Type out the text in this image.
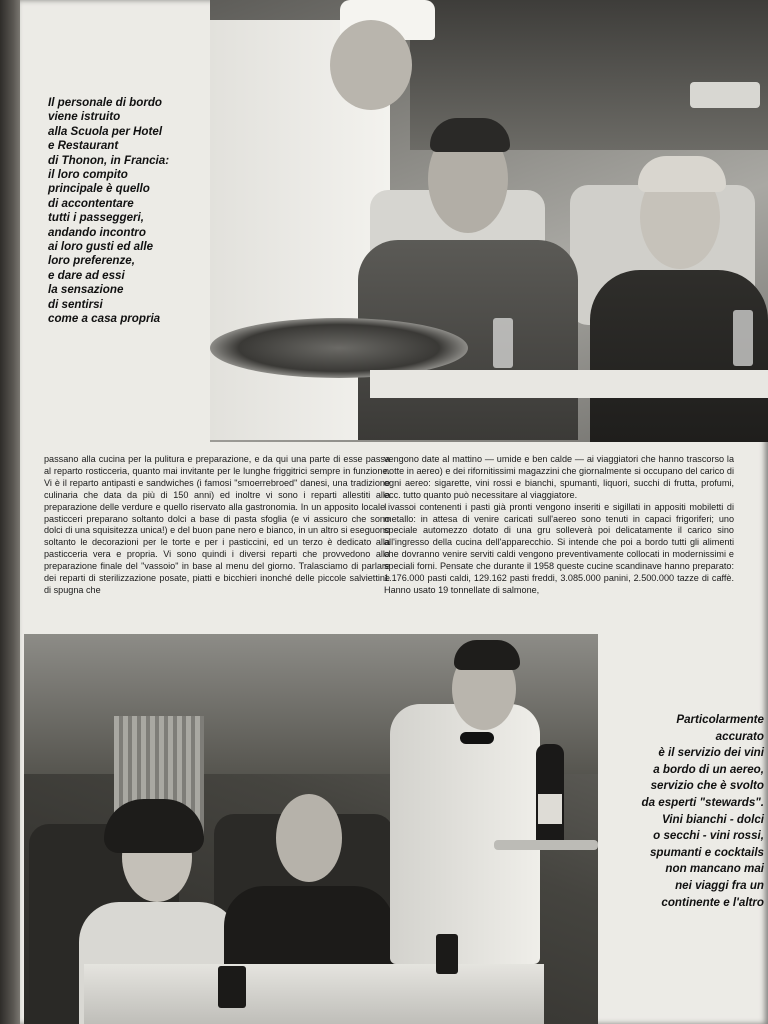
Il personale di bordo
viene istruito
alla Scuola per Hotel
e Restaurant
di Thonon, in Francia:
il loro compito
principale è quello
di accontentare
tutti i passeggeri,
andando incontro
ai loro gusti ed alle
loro preferenze,
e dare ad essi
la sensazione
di sentirsi
come a casa propria

passano alla cucina per la pulitura e preparazione, e da qui una parte di esse passa al reparto rosticceria, quanto mai invitante per le lunghe friggitrici sempre in funzione. Vi è il reparto antipasti e sandwiches (i famosi "smoerrebroed" danesi, una tradizione culinaria che data da più di 150 anni) ed inoltre vi sono i reparti allestiti alla preparazione delle verdure e quello riservato alla gastronomia. In un apposito locale i pasticceri preparano soltanto dolci a base di pasta sfoglia (e vi assicuro che sono dolci di una squisitezza unica!) e del buon pane nero e bianco, in un altro si eseguono soltanto le decorazioni per le torte e per i pasticcini, ed un terzo è dedicato alla pasticceria vera e propria. Vi sono quindi i diversi reparti che provvedono alla preparazione finale del "vassoio" in base al menu del giorno. Tralasciamo di parlare dei reparti di sterilizzazione posate, piatti e bicchieri inonché delle piccole salviettine di spugna che

vengono date al mattino — umide e ben calde — ai viaggiatori che hanno trascorso la notte in aereo) e dei rifornitissimi magazzini che giornalmente si occupano del carico di ogni aereo: sigarette, vini rossi e bianchi, spumanti, liquori, succhi di frutta, profumi, ecc. tutto quanto può necessitare al viaggiatore.

I vassoi contenenti i pasti già pronti vengono inseriti e sigillati in appositi mobiletti di metallo: in attesa di venire caricati sull'aereo sono tenuti in capaci frigoriferi; uno speciale automezzo dotato di una gru solleverà poi delicatamente il carico sino all'ingresso della cucina dell'apparecchio. Si intende che poi a bordo tutti gli alimenti che dovranno venire serviti caldi vengono preventivamente collocati in modernissimi e speciali forni. Pensate che durante il 1958 queste cucine scandinave hanno preparato: 1.176.000 pasti caldi, 129.162 pasti freddi, 3.085.000 panini, 2.500.000 tazze di caffè. Hanno usato 19 tonnellate di salmone,

Particolarmente
accurato
è il servizio dei vini
a bordo di un aereo,
servizio che è svolto
da esperti "stewards".
Vini bianchi - dolci
o secchi - vini rossi,
spumanti e cocktails
non mancano mai
nei viaggi fra un
continente e l'altro
